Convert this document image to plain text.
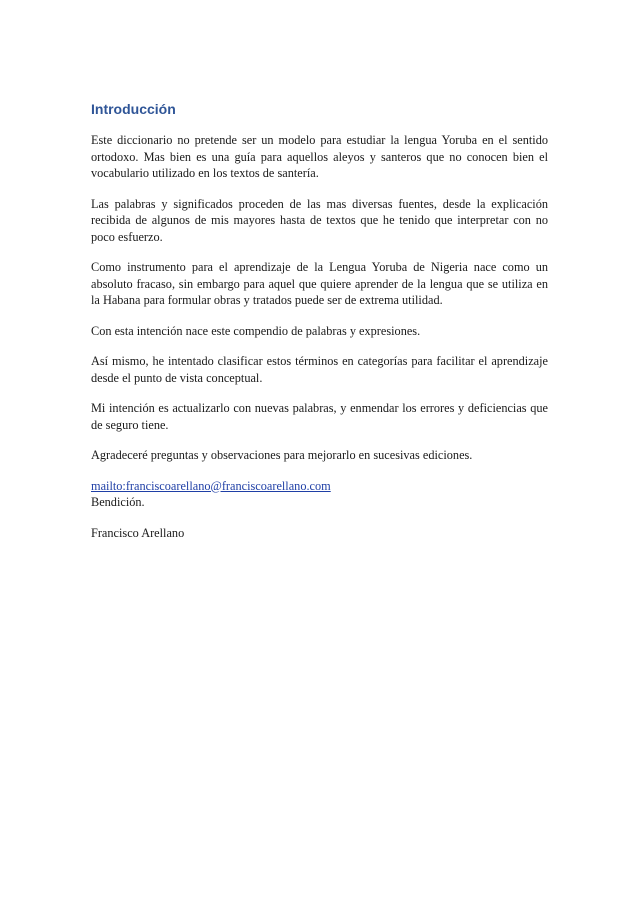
Introducción

Este diccionario no pretende ser un modelo para estudiar la lengua Yoruba en el sentido ortodoxo. Mas bien es una guía para aquellos aleyos y santeros que no conocen bien el vocabulario utilizado en los textos de santería.

Las palabras y significados proceden de las mas diversas fuentes, desde la explicación recibida de algunos de mis mayores hasta de textos que he tenido que interpretar con no poco esfuerzo.

Como instrumento para el aprendizaje de la Lengua Yoruba de Nigeria nace como un absoluto fracaso, sin embargo para aquel que quiere aprender de la lengua que se utiliza en la Habana para formular obras y tratados puede ser de extrema utilidad.

Con esta intención nace este compendio de palabras y expresiones.

Así mismo, he intentado clasificar estos términos en categorías para facilitar el aprendizaje desde el punto de vista conceptual.

Mi intención es actualizarlo con nuevas palabras, y enmendar los errores y deficiencias que de seguro tiene.

Agradeceré preguntas y observaciones para mejorarlo en sucesivas ediciones.

mailto:franciscoarellano@franciscoarellano.com
Bendición.
Francisco Arellano
